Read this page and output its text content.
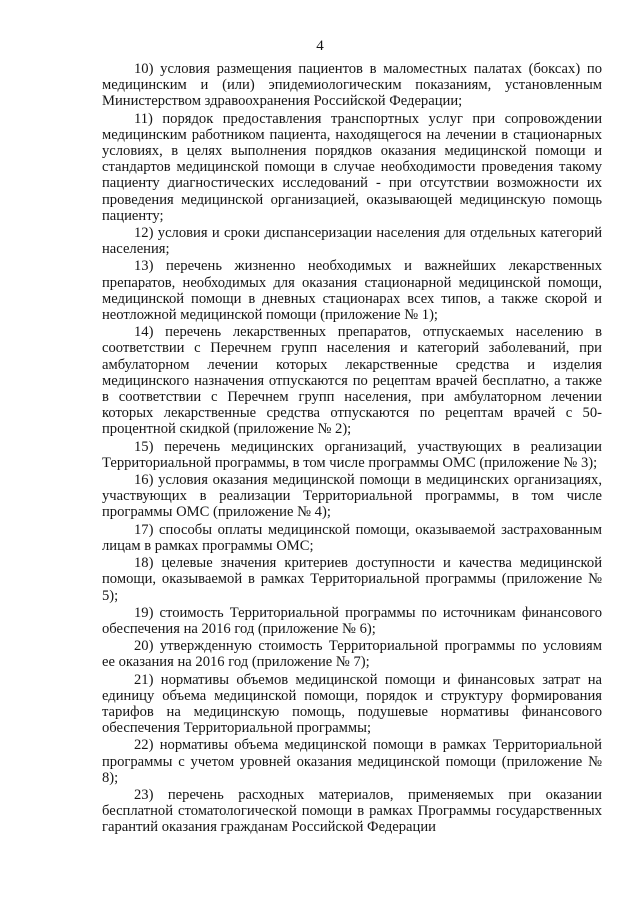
4

10) условия размещения пациентов в маломестных палатах (боксах) по медицинским и (или) эпидемиологическим показаниям, установленным Министерством здравоохранения Российской Федерации;

11) порядок предоставления транспортных услуг при сопровождении медицинским работником пациента, находящегося на лечении в стационарных условиях, в целях выполнения порядков оказания медицинской помощи и стандартов медицинской помощи в случае необходимости проведения такому пациенту диагностических исследований - при отсутствии возможности их проведения медицинской организацией, оказывающей медицинскую помощь пациенту;

12) условия и сроки диспансеризации населения для отдельных категорий населения;

13) перечень жизненно необходимых и важнейших лекарственных препаратов, необходимых для оказания стационарной медицинской помощи, медицинской помощи в дневных стационарах всех типов, а также скорой и неотложной медицинской помощи (приложение № 1);

14) перечень лекарственных препаратов, отпускаемых населению в соответствии с Перечнем групп населения и категорий заболеваний, при амбулаторном лечении которых лекарственные средства и изделия медицинского назначения отпускаются по рецептам врачей бесплатно, а также в соответствии с Перечнем групп населения, при амбулаторном лечении которых лекарственные средства отпускаются по рецептам врачей с 50-процентной скидкой (приложение № 2);

15) перечень медицинских организаций, участвующих в реализации Территориальной программы, в том числе программы ОМС (приложение № 3);

16) условия оказания медицинской помощи в медицинских организациях, участвующих в реализации Территориальной программы, в том числе программы ОМС (приложение № 4);

17) способы оплаты медицинской помощи, оказываемой застрахованным лицам в рамках программы ОМС;

18) целевые значения критериев доступности и качества медицинской помощи, оказываемой в рамках Территориальной программы (приложение № 5);

19) стоимость Территориальной программы по источникам финансового обеспечения на 2016 год (приложение № 6);

20) утвержденную стоимость Территориальной программы по условиям ее оказания на 2016 год (приложение № 7);

21) нормативы объемов медицинской помощи и финансовых затрат на единицу объема медицинской помощи, порядок и структуру формирования тарифов на медицинскую помощь, подушевые нормативы финансового обеспечения Территориальной программы;

22) нормативы объема медицинской помощи в рамках Территориальной программы с учетом уровней оказания медицинской помощи (приложение № 8);

23) перечень расходных материалов, применяемых при оказании бесплатной стоматологической помощи в рамках Программы государственных гарантий оказания гражданам Российской Федерации
